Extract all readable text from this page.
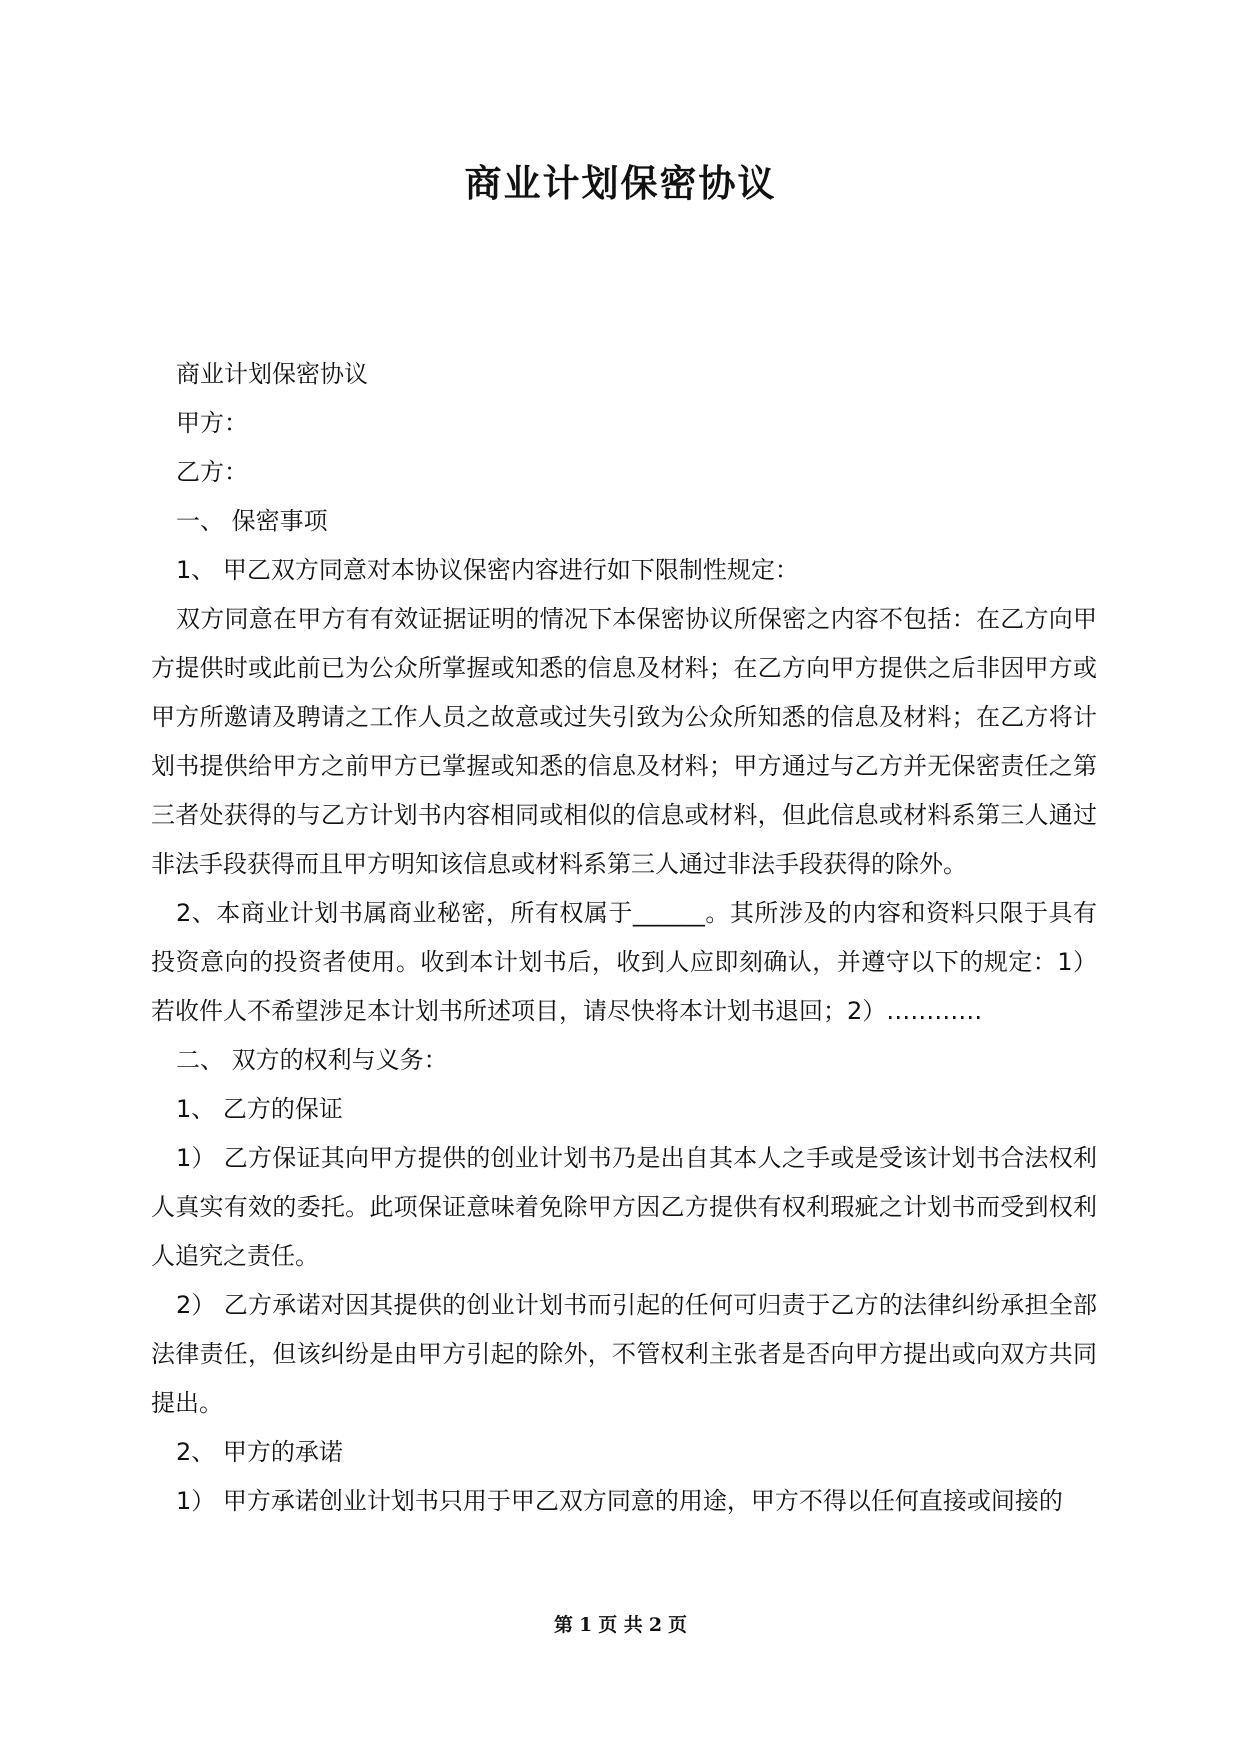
商业计划保密协议

商业计划保密协议

甲方：

乙方：

一、 保密事项

1、 甲乙双方同意对本协议保密内容进行如下限制性规定：

双方同意在甲方有有效证据证明的情况下本保密协议所保密之内容不包括：在乙方向甲方提供时或此前已为公众所掌握或知悉的信息及材料；在乙方向甲方提供之后非因甲方或甲方所邀请及聘请之工作人员之故意或过失引致为公众所知悉的信息及材料；在乙方将计划书提供给甲方之前甲方已掌握或知悉的信息及材料；甲方通过与乙方并无保密责任之第三者处获得的与乙方计划书内容相同或相似的信息或材料，但此信息或材料系第三人通过非法手段获得而且甲方明知该信息或材料系第三人通过非法手段获得的除外。

2、本商业计划书属商业秘密，所有权属于______。其所涉及的内容和资料只限于具有投资意向的投资者使用。收到本计划书后，收到人应即刻确认，并遵守以下的规定：1）若收件人不希望涉足本计划书所述项目，请尽快将本计划书退回；2）…………

二、 双方的权利与义务：

1、 乙方的保证

1） 乙方保证其向甲方提供的创业计划书乃是出自其本人之手或是受该计划书合法权利人真实有效的委托。此项保证意味着免除甲方因乙方提供有权利瑕疵之计划书而受到权利人追究之责任。

2） 乙方承诺对因其提供的创业计划书而引起的任何可归责于乙方的法律纠纷承担全部法律责任，但该纠纷是由甲方引起的除外，不管权利主张者是否向甲方提出或向双方共同提出。

2、 甲方的承诺

1） 甲方承诺创业计划书只用于甲乙双方同意的用途，甲方不得以任何直接或间接的

第 1 页 共 2 页
